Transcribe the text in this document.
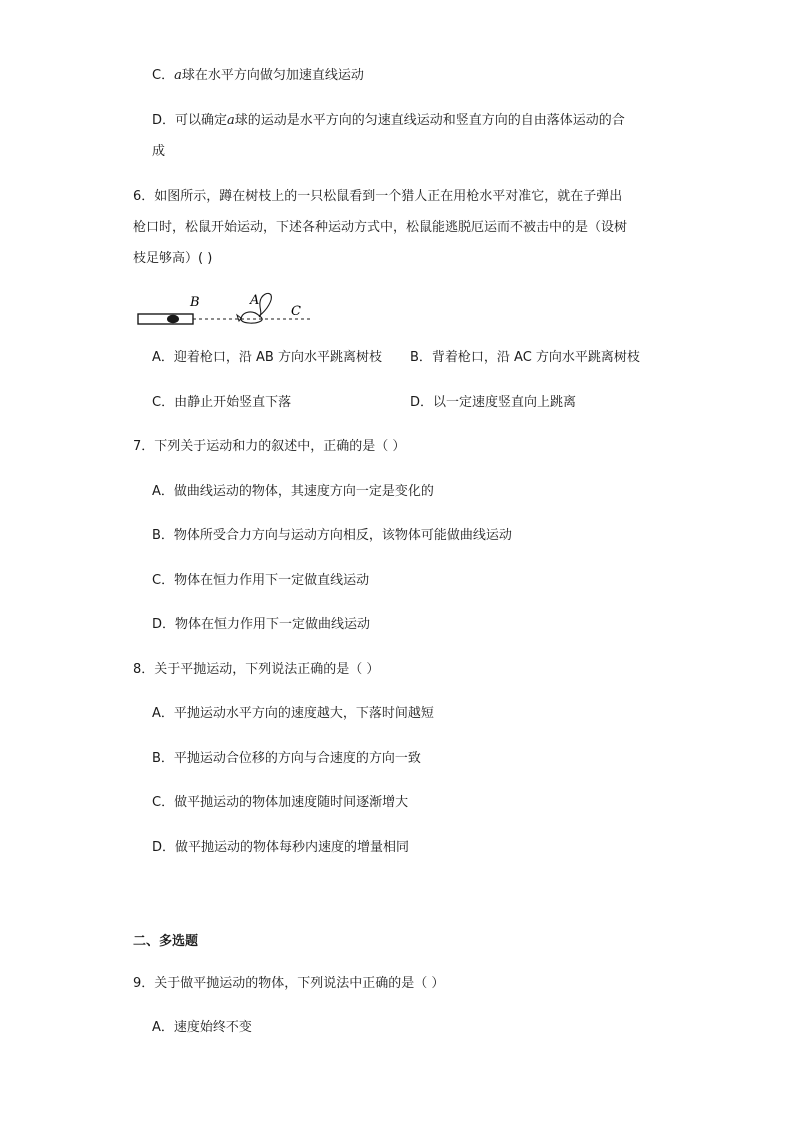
C．a球在水平方向做匀加速直线运动
D．可以确定a球的运动是水平方向的匀速直线运动和竖直方向的自由落体运动的合
成
6．如图所示，蹲在树枝上的一只松鼠看到一个猎人正在用枪水平对准它，就在子弹出
枪口时，松鼠开始运动，下述各种运动方式中，松鼠能逃脱厄运而不被击中的是（设树
枝足够高）( )
B	A
C
A．迎着枪口，沿 AB 方向水平跳离树枝 B．背着枪口，沿 AC 方向水平跳离树枝
C．由静止开始竖直下落	D．以一定速度竖直向上跳离
7．下列关于运动和力的叙述中，正确的是（ ）
A．做曲线运动的物体，其速度方向一定是变化的
B．物体所受合力方向与运动方向相反，该物体可能做曲线运动
C．物体在恒力作用下一定做直线运动
D．物体在恒力作用下一定做曲线运动
8．关于平抛运动，下列说法正确的是（ ）
A．平抛运动水平方向的速度越大，下落时间越短
B．平抛运动合位移的方向与合速度的方向一致
C．做平抛运动的物体加速度随时间逐渐增大
D．做平抛运动的物体每秒内速度的增量相同
二、多选题
9．关于做平抛运动的物体，下列说法中正确的是（ ）
A．速度始终不变
